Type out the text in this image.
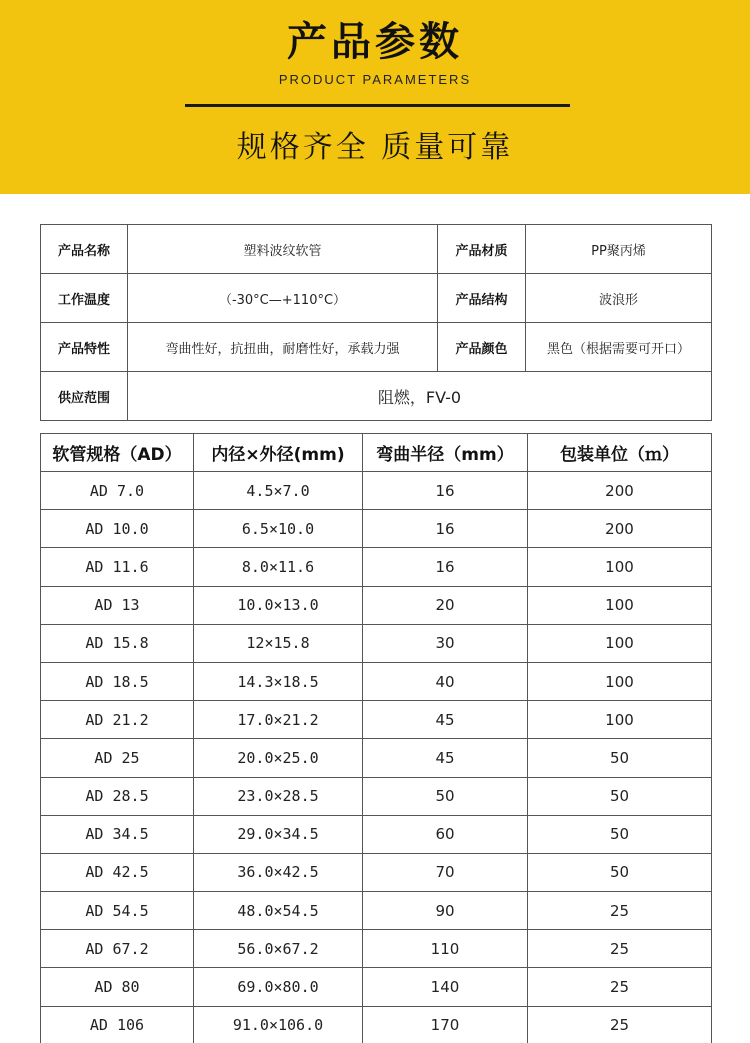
产品参数
PRODUCT PARAMETERS
规格齐全 质量可靠
产品名称	塑料波纹软管	产品材质	PP聚丙烯
工作温度	（-30°C—+110°C）	产品结构	波浪形
产品特性	弯曲性好，抗扭曲，耐磨性好，承载力强	产品颜色	黑色（根据需要可开口）
供应范围	阻燃，FV-0		
软管规格（AD）	内径×外径(mm)	弯曲半径（mm）	包装单位（ｍ）
AD 7.0	4.5×7.0	16	200
AD 10.0	6.5×10.0	16	200
AD 11.6	8.0×11.6	16	100
AD 13	10.0×13.0	20	100
AD 15.8	12×15.8	30	100
AD 18.5	14.3×18.5	40	100
AD 21.2	17.0×21.2	45	100
AD 25	20.0×25.0	45	50
AD 28.5	23.0×28.5	50	50
AD 34.5	29.0×34.5	60	50
AD 42.5	36.0×42.5	70	50
AD 54.5	48.0×54.5	90	25
AD 67.2	56.0×67.2	110	25
AD 80	69.0×80.0	140	25
AD 106	91.0×106.0	170	25
